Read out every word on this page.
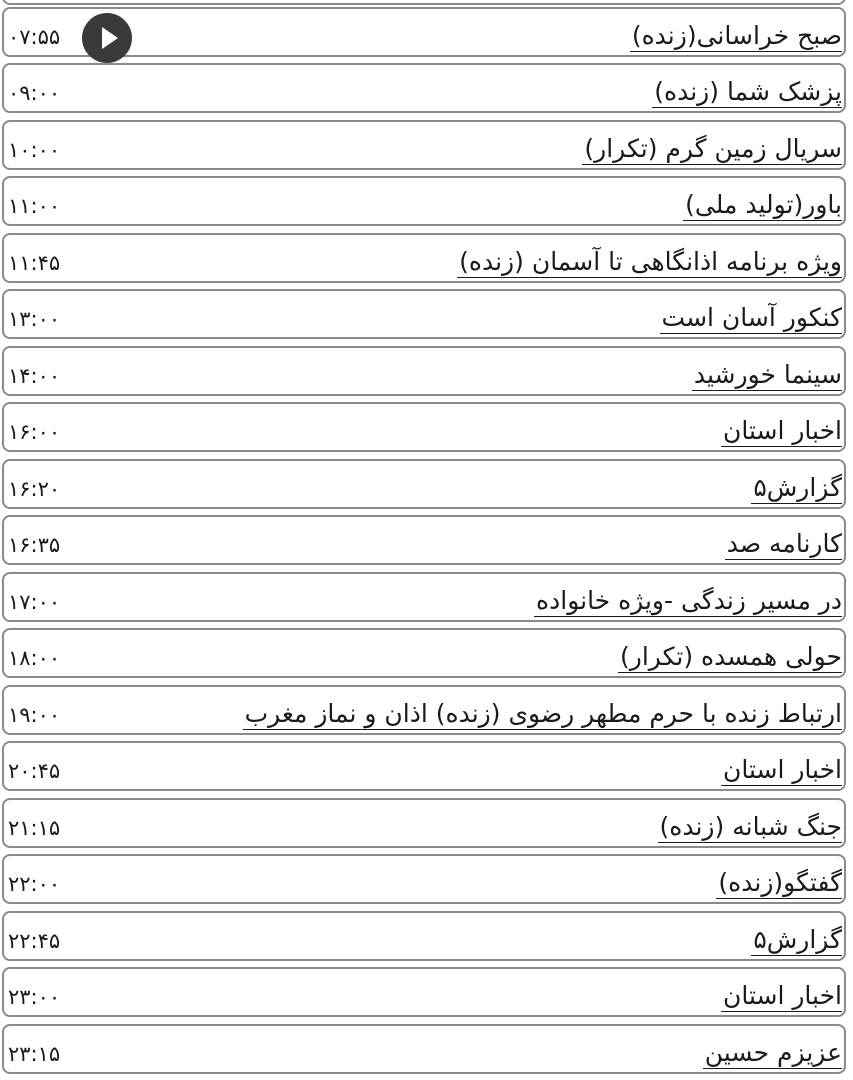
صبح خراسانی(زنده)
۰۷:۵۵
پزشک شما (زنده)
۰۹:۰۰
سریال زمین گرم (تکرار)
۱۰:۰۰
باور(تولید ملی)
۱۱:۰۰
ویژه برنامه اذانگاهی تا آسمان (زنده)
۱۱:۴۵
کنکور آسان است
۱۳:۰۰
سینما خورشید
۱۴:۰۰
اخبار استان
۱۶:۰۰
گزارش۵
۱۶:۲۰
کارنامه صد
۱۶:۳۵
در مسیر زندگی -ویژه خانواده
۱۷:۰۰
حولی همسده (تکرار)
۱۸:۰۰
ارتباط زنده با حرم مطهر رضوی (زنده) اذان و نماز مغرب
۱۹:۰۰
اخبار استان
۲۰:۴۵
جنگ شبانه (زنده)
۲۱:۱۵
گفتگو(زنده)
۲۲:۰۰
گزارش۵
۲۲:۴۵
اخبار استان
۲۳:۰۰
عزیزم حسین
۲۳:۱۵
